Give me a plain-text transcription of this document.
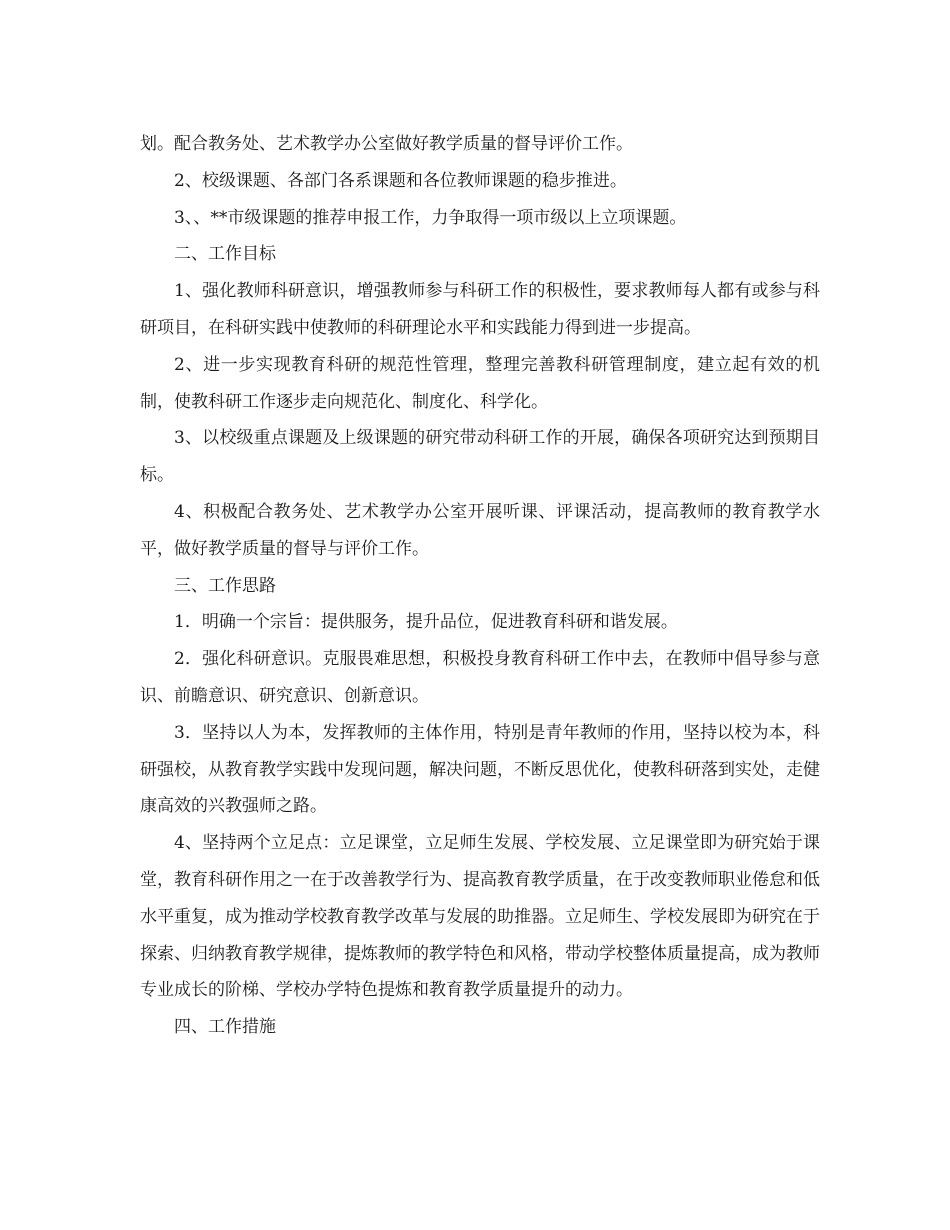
划。配合教务处、艺术教学办公室做好教学质量的督导评价工作。

2、校级课题、各部门各系课题和各位教师课题的稳步推进。

3、、**市级课题的推荐申报工作，力争取得一项市级以上立项课题。

二、工作目标

1、强化教师科研意识，增强教师参与科研工作的积极性，要求教师每人都有或参与科研项目，在科研实践中使教师的科研理论水平和实践能力得到进一步提高。

2、进一步实现教育科研的规范性管理，整理完善教科研管理制度，建立起有效的机制，使教科研工作逐步走向规范化、制度化、科学化。

3、以校级重点课题及上级课题的研究带动科研工作的开展，确保各项研究达到预期目标。

4、积极配合教务处、艺术教学办公室开展听课、评课活动，提高教师的教育教学水平，做好教学质量的督导与评价工作。

三、工作思路

1．明确一个宗旨：提供服务，提升品位，促进教育科研和谐发展。

2．强化科研意识。克服畏难思想，积极投身教育科研工作中去，在教师中倡导参与意识、前瞻意识、研究意识、创新意识。

3．坚持以人为本，发挥教师的主体作用，特别是青年教师的作用，坚持以校为本，科研强校，从教育教学实践中发现问题，解决问题，不断反思优化，使教科研落到实处，走健康高效的兴教强师之路。

4、坚持两个立足点：立足课堂，立足师生发展、学校发展、立足课堂即为研究始于课堂，教育科研作用之一在于改善教学行为、提高教育教学质量，在于改变教师职业倦怠和低水平重复，成为推动学校教育教学改革与发展的助推器。立足师生、学校发展即为研究在于探索、归纳教育教学规律，提炼教师的教学特色和风格，带动学校整体质量提高，成为教师专业成长的阶梯、学校办学特色提炼和教育教学质量提升的动力。

四、工作措施
